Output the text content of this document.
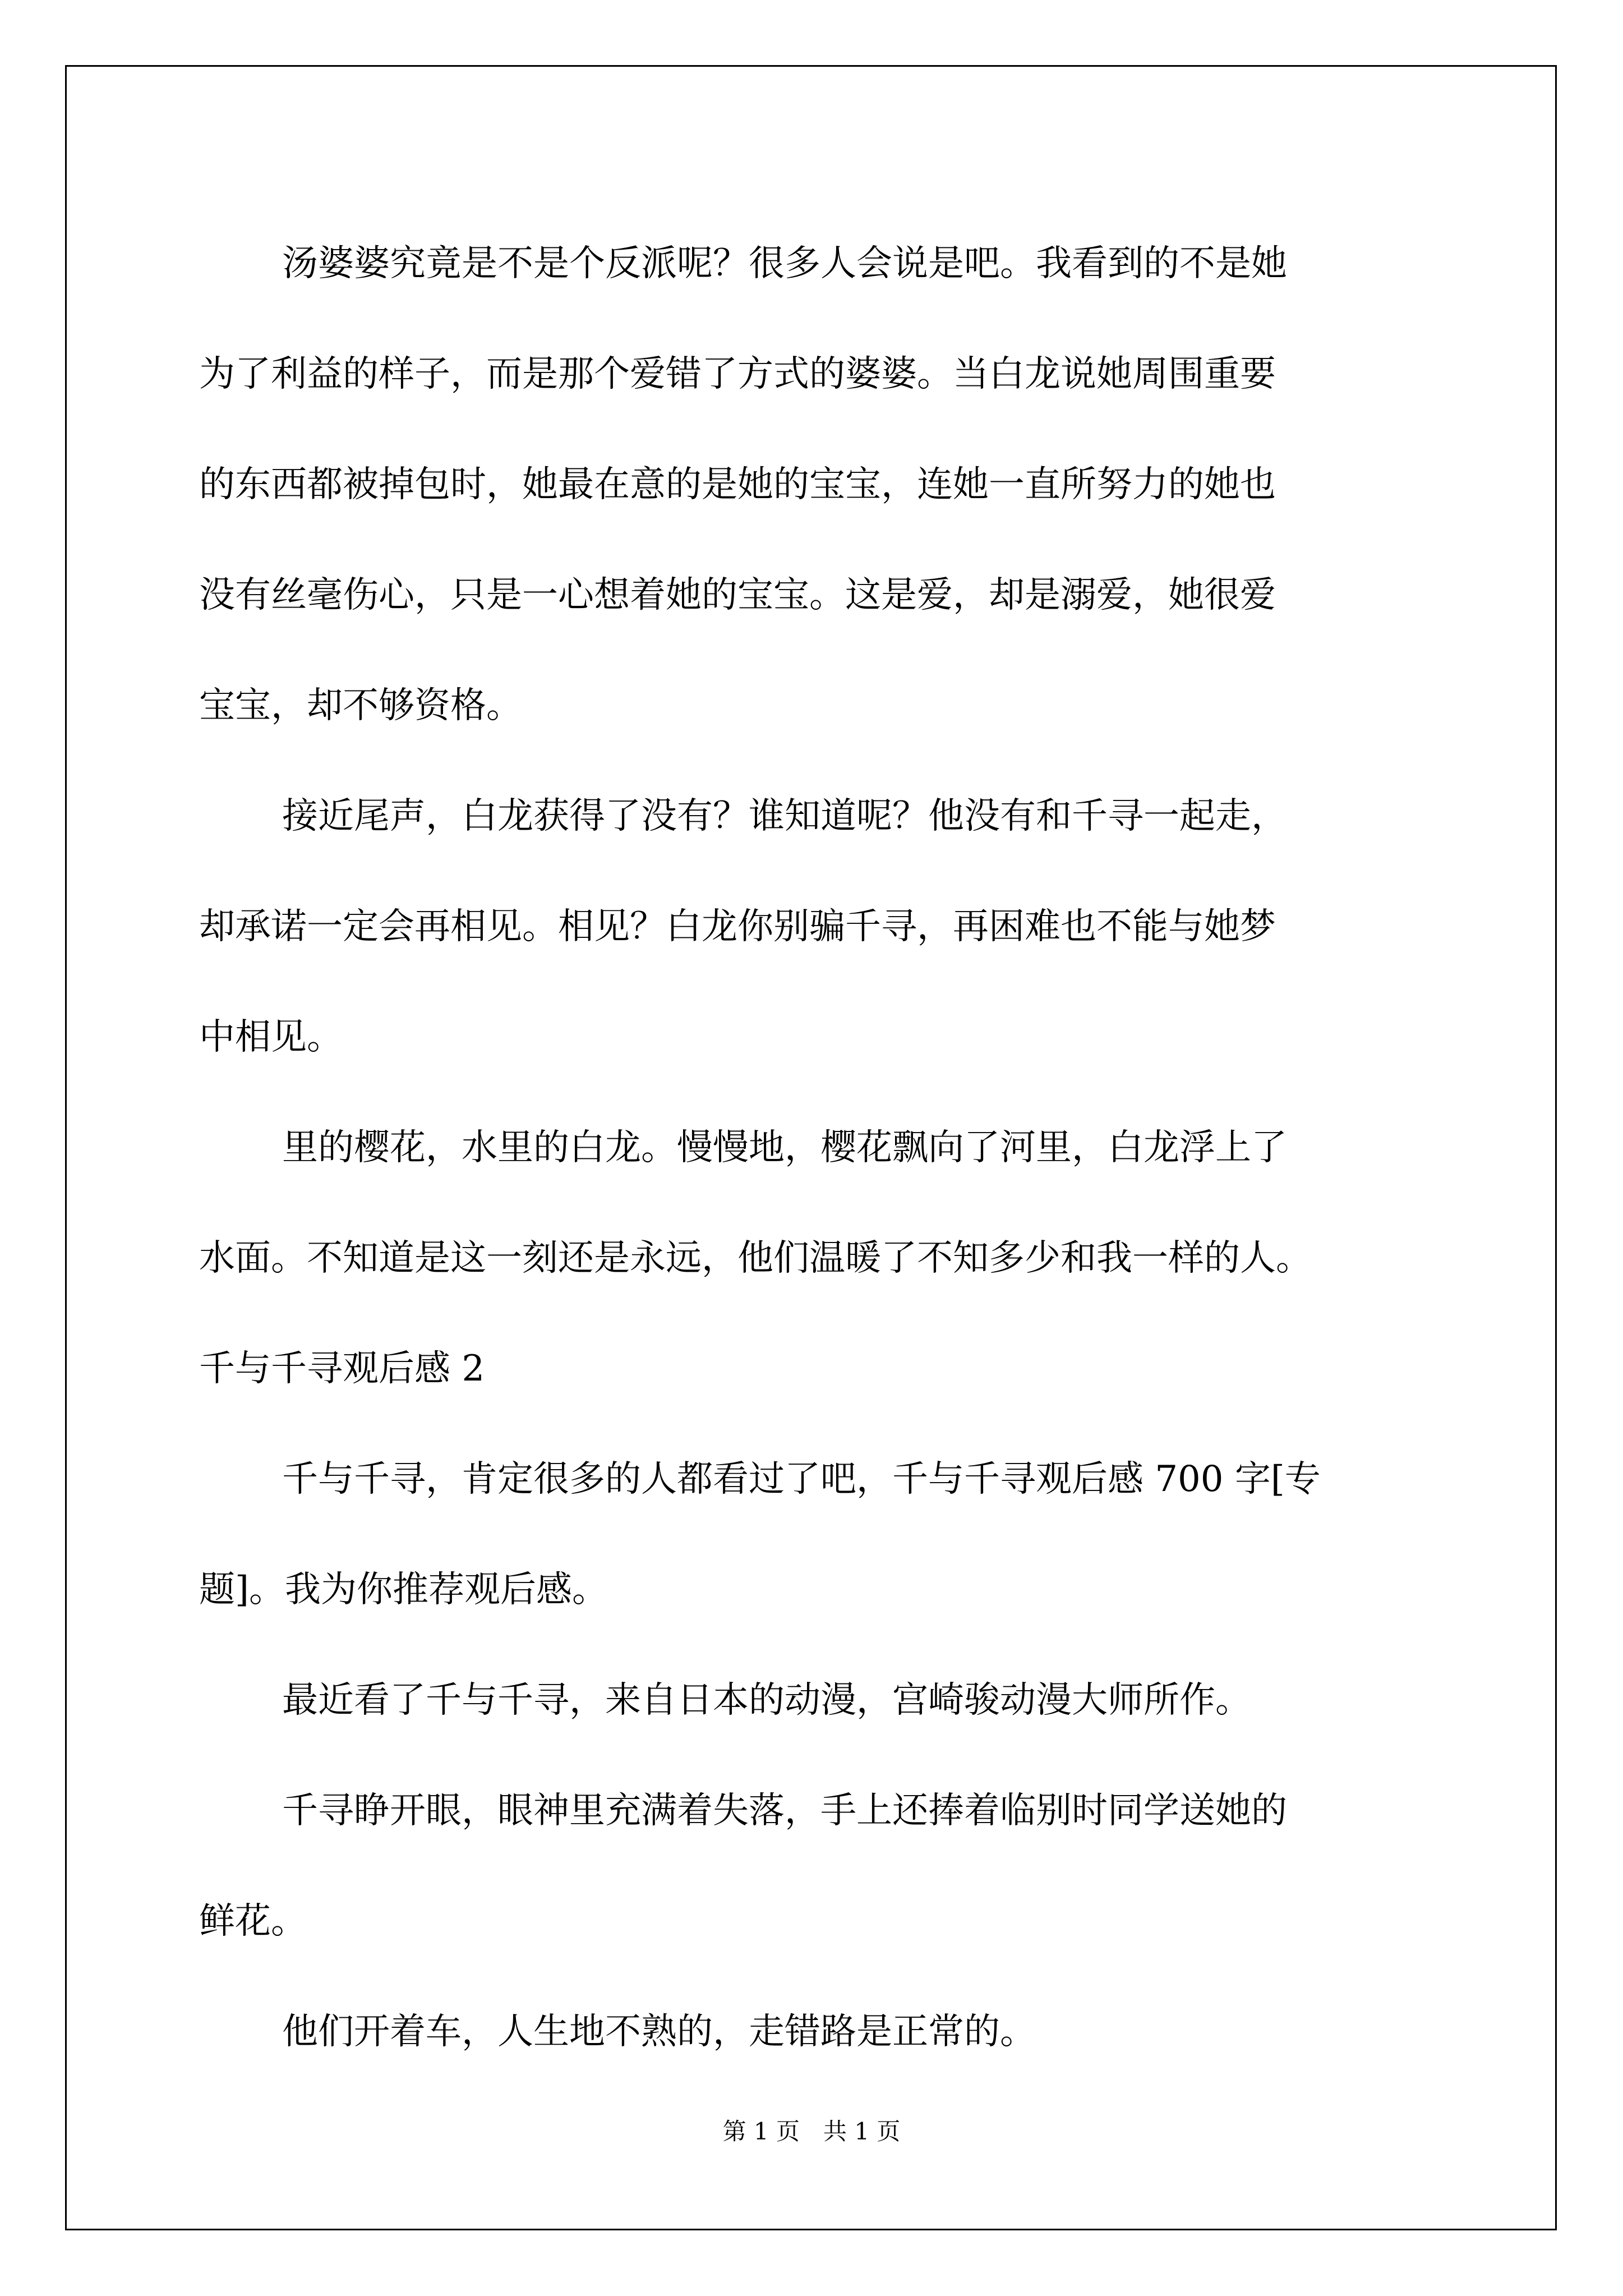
汤婆婆究竟是不是个反派呢？很多人会说是吧。我看到的不是她
为了利益的样子，而是那个爱错了方式的婆婆。当白龙说她周围重要
的东西都被掉包时，她最在意的是她的宝宝，连她一直所努力的她也
没有丝毫伤心，只是一心想着她的宝宝。这是爱，却是溺爱，她很爱
宝宝，却不够资格。
接近尾声，白龙获得了没有？谁知道呢？他没有和千寻一起走，
却承诺一定会再相见。相见？白龙你别骗千寻，再困难也不能与她梦
中相见。
里的樱花，水里的白龙。慢慢地，樱花飘向了河里，白龙浮上了
水面。不知道是这一刻还是永远，他们温暖了不知多少和我一样的人。
千与千寻观后感 2
千与千寻，肯定很多的人都看过了吧，千与千寻观后感 700 字[专
题]。我为你推荐观后感。
最近看了千与千寻，来自日本的动漫，宫崎骏动漫大师所作。
千寻睁开眼，眼神里充满着失落，手上还捧着临别时同学送她的
鲜花。
他们开着车，人生地不熟的，走错路是正常的。
第 1 页　共 1 页
